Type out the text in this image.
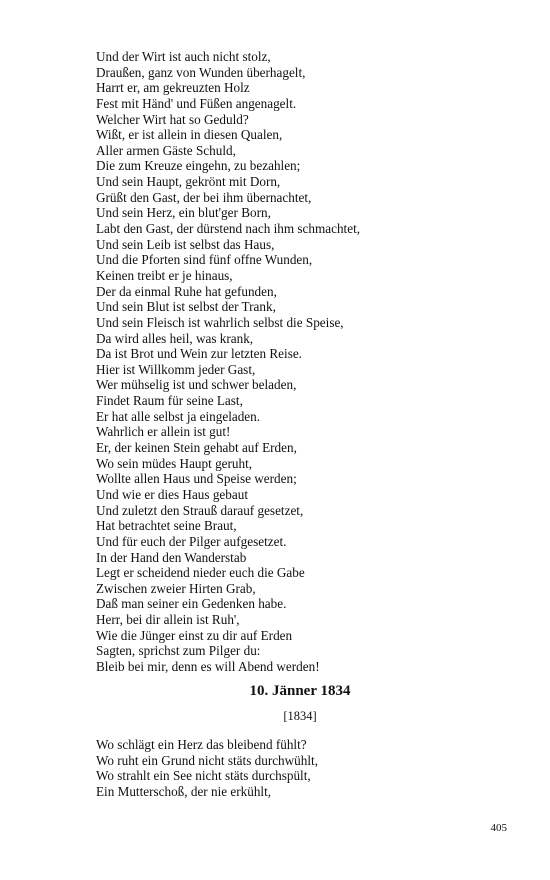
Und der Wirt ist auch nicht stolz,
Draußen, ganz von Wunden überhagelt,
Harrt er, am gekreuzten Holz
Fest mit Händ' und Füßen angenagelt.
Welcher Wirt hat so Geduld?
Wißt, er ist allein in diesen Qualen,
Aller armen Gäste Schuld,
Die zum Kreuze eingehn, zu bezahlen;
Und sein Haupt, gekrönt mit Dorn,
Grüßt den Gast, der bei ihm übernachtet,
Und sein Herz, ein blut'ger Born,
Labt den Gast, der dürstend nach ihm schmachtet,
Und sein Leib ist selbst das Haus,
Und die Pforten sind fünf offne Wunden,
Keinen treibt er je hinaus,
Der da einmal Ruhe hat gefunden,
Und sein Blut ist selbst der Trank,
Und sein Fleisch ist wahrlich selbst die Speise,
Da wird alles heil, was krank,
Da ist Brot und Wein zur letzten Reise.
Hier ist Willkomm jeder Gast,
Wer mühselig ist und schwer beladen,
Findet Raum für seine Last,
Er hat alle selbst ja eingeladen.
Wahrlich er allein ist gut!
Er, der keinen Stein gehabt auf Erden,
Wo sein müdes Haupt geruht,
Wollte allen Haus und Speise werden;
Und wie er dies Haus gebaut
Und zuletzt den Strauß darauf gesetzet,
Hat betrachtet seine Braut,
Und für euch der Pilger aufgesetzet.
In der Hand den Wanderstab
Legt er scheidend nieder euch die Gabe
Zwischen zweier Hirten Grab,
Daß man seiner ein Gedenken habe.
Herr, bei dir allein ist Ruh',
Wie die Jünger einst zu dir auf Erden
Sagten, sprichst zum Pilger du:
Bleib bei mir, denn es will Abend werden!
10. Jänner 1834
[1834]
Wo schlägt ein Herz das bleibend fühlt?
Wo ruht ein Grund nicht stäts durchwühlt,
Wo strahlt ein See nicht stäts durchspült,
Ein Mutterschoß, der nie erkühlt,
405
